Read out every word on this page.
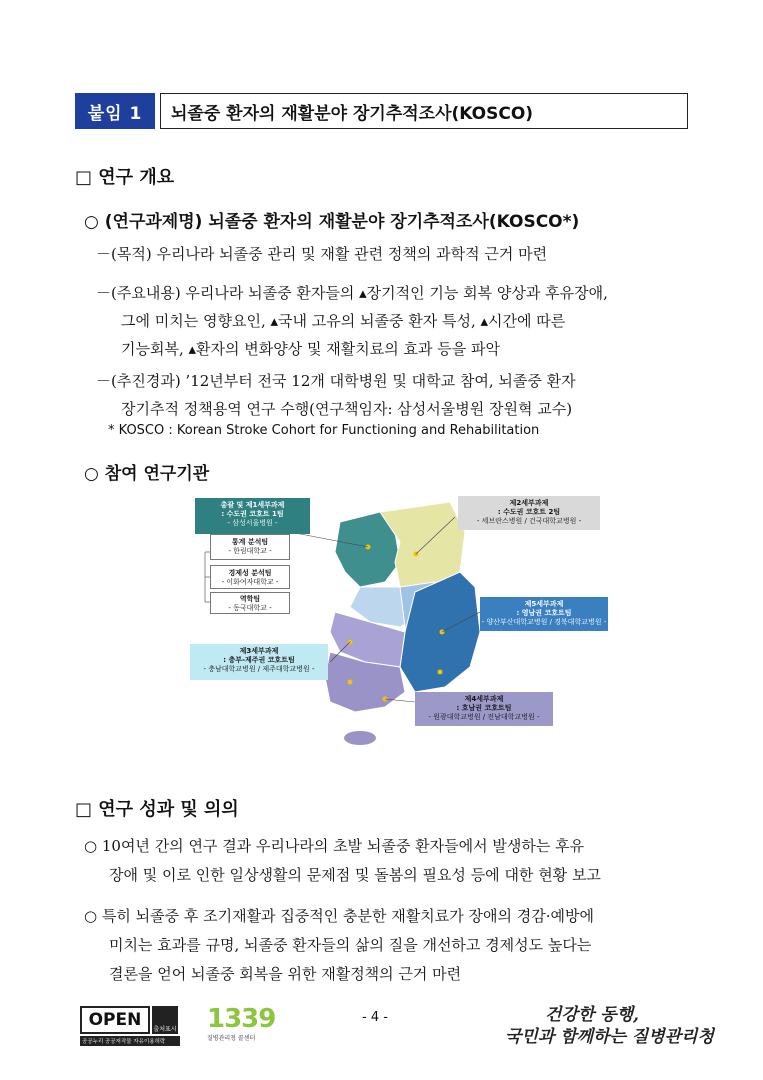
붙임 1	뇌졸중 환자의 재활분야 장기추적조사(KOSCO)
□ 연구 개요
○ (연구과제명) 뇌졸중 환자의 재활분야 장기추적조사(KOSCO*)
－(목적) 우리나라 뇌졸중 관리 및 재활 관련 정책의 과학적 근거 마련
－(주요내용) 우리나라 뇌졸중 환자들의 ▴장기적인 기능 회복 양상과 후유장애,
그에 미치는 영향요인, ▴국내 고유의 뇌졸중 환자 특성, ▴시간에 따른
기능회복, ▴환자의 변화양상 및 재활치료의 효과 등을 파악
－(추진경과) ’12년부터 전국 12개 대학병원 및 대학교 참여, 뇌졸중 환자
장기추적 정책용역 연구 수행(연구책임자: 삼성서울병원 장원혁 교수)
* KOSCO : Korean Stroke Cohort for Functioning and Rehabilitation
○ 참여 연구기관
총괄 및 제1세부과제
: 수도권 코호트 1팀
- 삼성서울병원 -
통계 분석팀
- 한림대학교 -
경제성 분석팀
- 이화여자대학교 -
역학팀
- 동국대학교 -
제2세부과제
: 수도권 코호트 2팀
- 세브란스병원 / 건국대학교병원 -
제5세부과제
: 영남권 코호트팀
- 양산부산대학교병원 / 경북대학교병원 -
제3세부과제
: 충부-제주권 코호트팀
- 충남대학교병원 / 제주대학교병원 -
제4세부과제
: 호남권 코호트팀
- 원광대학교병원 / 전남대학교병원 -
□ 연구 성과 및 의의
○ 10여년 간의 연구 결과 우리나라의 초발 뇌졸중 환자들에서 발생하는 후유
장애 및 이로 인한 일상생활의 문제점 및 돌봄의 필요성 등에 대한 현황 보고
○ 특히 뇌졸중 후 조기재활과 집중적인 충분한 재활치료가 장애의 경감·예방에
미치는 효과를 규명, 뇌졸중 환자들의 삶의 질을 개선하고 경제성도 높다는
결론을 얻어 뇌졸중 회복을 위한 재활정책의 근거 마련
OPEN	출처표시
공공누리 공공저작물 자유이용허락
1339
질병관리청 콜센터
- 4 -	건강한 동행,
국민과 함께하는 질병관리청
